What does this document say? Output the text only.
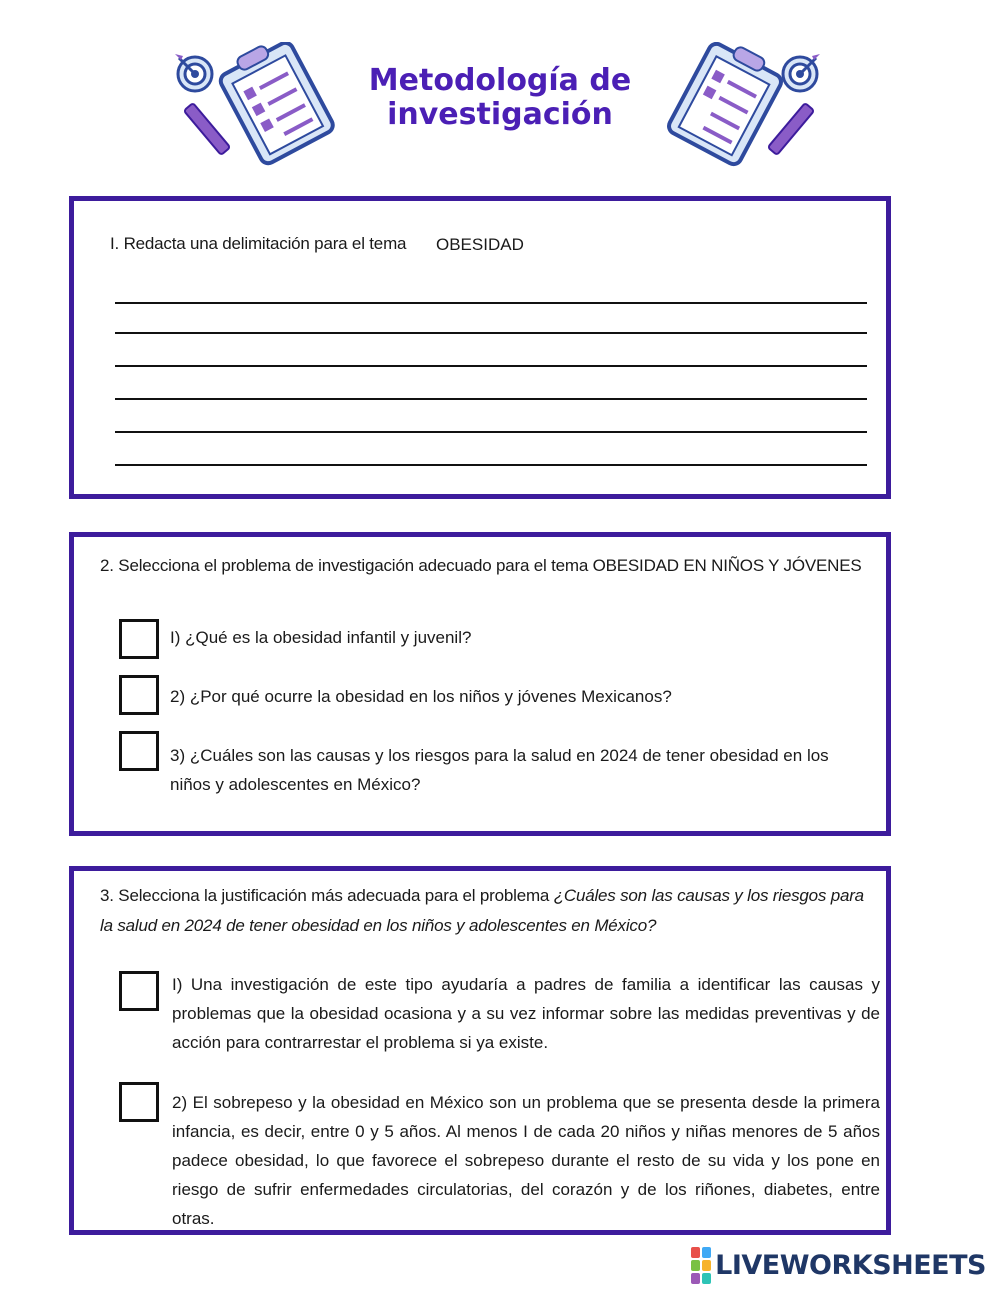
Metodología de
investigación
I. Redacta una delimitación para el tema OBESIDAD
2. Selecciona el problema de investigación adecuado para el tema OBESIDAD EN NIÑOS Y JÓVENES
I) ¿Qué es la obesidad infantil y juvenil?
2) ¿Por qué ocurre la obesidad en los niños y jóvenes Mexicanos?
3) ¿Cuáles son las causas y los riesgos para la salud en 2024 de tener obesidad en los niños y adolescentes en México?
3. Selecciona la justificación más adecuada para el problema ¿Cuáles son las causas y los riesgos para la salud en 2024 de tener obesidad en los niños y adolescentes en México?
I) Una investigación de este tipo ayudaría a padres de familia a identificar las causas y problemas que la obesidad ocasiona y a su vez informar sobre las medidas preventivas y de acción para contrarrestar el problema si ya existe.
2) El sobrepeso y la obesidad en México son un problema que se presenta desde la primera infancia, es decir, entre 0 y 5 años. Al menos I de cada 20 niños y niñas menores de 5 años padece obesidad, lo que favorece el sobrepeso durante el resto de su vida y los pone en riesgo de sufrir enfermedades circulatorias, del corazón y de los riñones, diabetes, entre otras.
LIVEWORKSHEETS
